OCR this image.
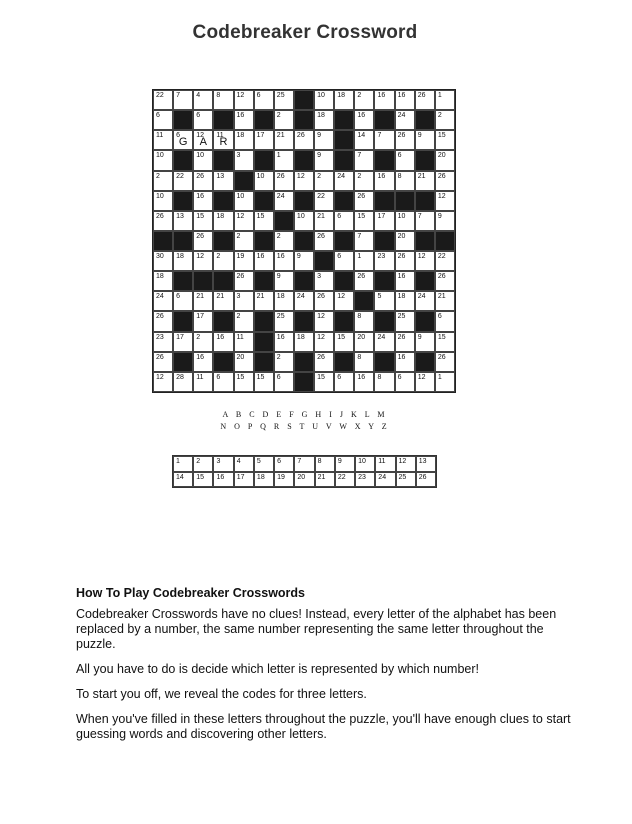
Codebreaker Crossword
22 7 4 8 12 6 25	10 18 2 16 16 26 1
6	6	16	2	18	16	24	2
11 6
G
12
A
11
R
18 17 21 26 9	14 7 26 9 15
10	10	3	1	9	7	6	20
2 22 26 13	10 26 12 2 24 2 16 8 21 26
10	16	10	24	22	26	12
26 13 15 18 12 15	10 21 6 15 17 10 7 9
26	2	2	26	7	20
30 18 12 2 19 16 16 9	6 1 23 26 12 22
18	26	9	3	26	16	26
24 6 21 21 3 21 18 24 26 12	5 18 24 21
26	17	2	25	12	8	25	6
23 17 2 16 11	16 18 12 15 20 24 26 9 15
26	16	20	2	26	8	16	26
12 28 11 6 15 15 6	15 6 16 8 6 12 1
A B C D E F G H I J K L M
N O P Q R S T U V W X Y Z
1	2	3	4	5	6	7	8	9	10	11	12	13
14	15	16	17	18	19	20	21	22	23	24	25	26
How To Play Codebreaker Crosswords

Codebreaker Crosswords have no clues! Instead, every letter of the alphabet has been replaced by a number, the same number representing the same letter throughout the puzzle.

All you have to do is decide which letter is represented by which number!

To start you off, we reveal the codes for three letters.

When you've filled in these letters throughout the puzzle, you'll have enough clues to start guessing words and discovering other letters.
